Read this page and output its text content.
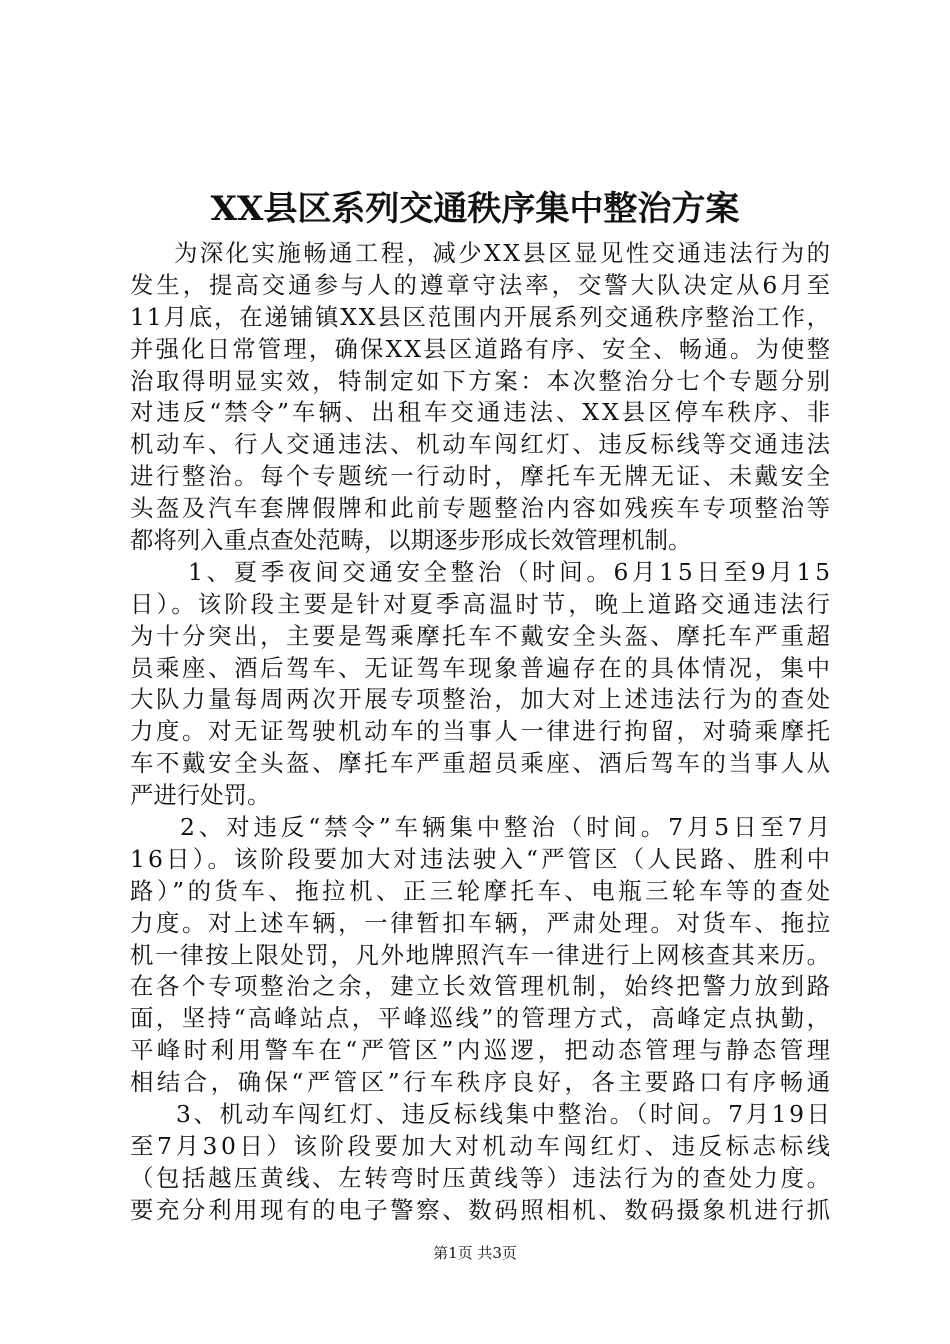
XX县区系列交通秩序集中整治方案
为深化实施畅通工程，减少XX县区显见性交通违法行为的
发生，提高交通参与人的遵章守法率，交警大队决定从6月至
11月底，在递铺镇XX县区范围内开展系列交通秩序整治工作，
并强化日常管理，确保XX县区道路有序、安全、畅通。为使整
治取得明显实效，特制定如下方案：本次整治分七个专题分别
对违反“禁令”车辆、出租车交通违法、XX县区停车秩序、非
机动车、行人交通违法、机动车闯红灯、违反标线等交通违法
进行整治。每个专题统一行动时，摩托车无牌无证、未戴安全
头盔及汽车套牌假牌和此前专题整治内容如残疾车专项整治等
都将列入重点查处范畴，以期逐步形成长效管理机制。
1、夏季夜间交通安全整治（时间。6月15日至9月15
日）。该阶段主要是针对夏季高温时节，晚上道路交通违法行
为十分突出，主要是驾乘摩托车不戴安全头盔、摩托车严重超
员乘座、酒后驾车、无证驾车现象普遍存在的具体情况，集中
大队力量每周两次开展专项整治，加大对上述违法行为的查处
力度。对无证驾驶机动车的当事人一律进行拘留，对骑乘摩托
车不戴安全头盔、摩托车严重超员乘座、酒后驾车的当事人从
严进行处罚。
2、对违反“禁令”车辆集中整治（时间。7月5日至7月
16日）。该阶段要加大对违法驶入“严管区（人民路、胜利中
路）”的货车、拖拉机、正三轮摩托车、电瓶三轮车等的查处
力度。对上述车辆，一律暂扣车辆，严肃处理。对货车、拖拉
机一律按上限处罚，凡外地牌照汽车一律进行上网核查其来历。
在各个专项整治之余，建立长效管理机制，始终把警力放到路
面，坚持“高峰站点，平峰巡线”的管理方式，高峰定点执勤，
平峰时利用警车在“严管区”内巡逻，把动态管理与静态管理
相结合，确保“严管区”行车秩序良好，各主要路口有序畅通
3、机动车闯红灯、违反标线集中整治。（时间。7月19日
至7月30日）该阶段要加大对机动车闯红灯、违反标志标线
（包括越压黄线、左转弯时压黄线等）违法行为的查处力度。
要充分利用现有的电子警察、数码照相机、数码摄象机进行抓
第1页 共3页
